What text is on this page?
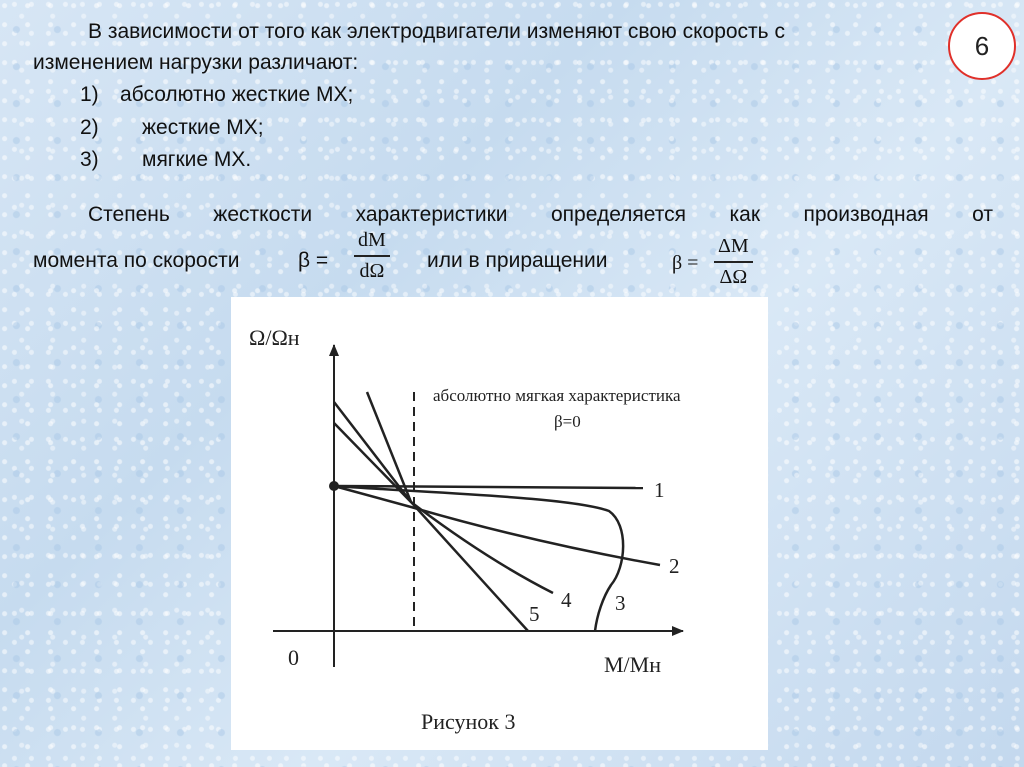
6

В зависимости от того как электродвигатели изменяют свою скорость с

изменением нагрузки различают:

1) абсолютно жесткие МХ;
2) жесткие МХ;
3) мягкие МХ.
Степень жесткости характеристики определяется как производная от

момента по скорости	β =

dM
dΩ или в приращении	β =

ΔM
ΔΩ
Ω/Ωн
M/Mн
0
абсолютно мягкая характеристика
β=0
1
2
3
4
5
Рисунок 3
